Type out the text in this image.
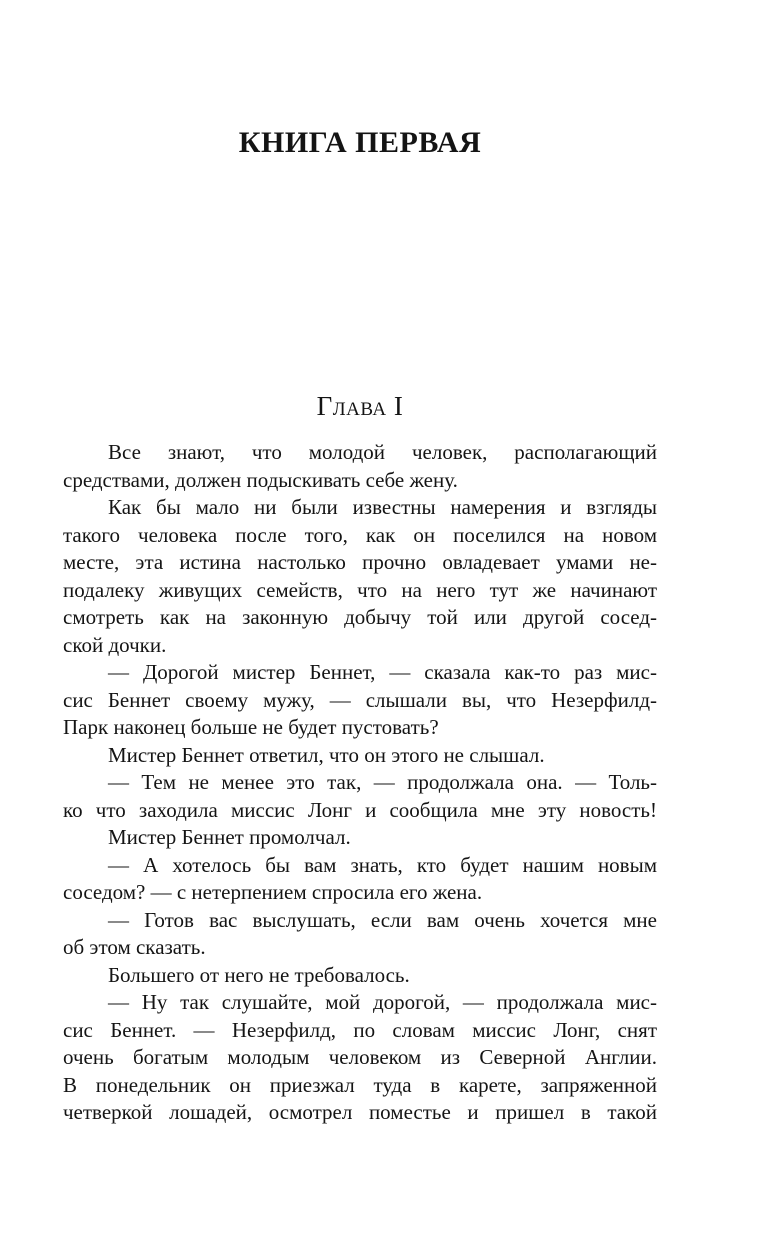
КНИГА ПЕРВАЯ
Глава I

Все знают, что молодой человек, располагающий
средствами, должен подыскивать себе жену.

Как бы мало ни были известны намерения и взгляды
такого человека после того, как он поселился на новом
месте, эта истина настолько прочно овладевает умами не-
подалеку живущих семейств, что на него тут же начинают
смотреть как на законную добычу той или другой сосед-
ской дочки.

— Дорогой мистер Беннет, — сказала как-то раз мис-
сис Беннет своему мужу, — слышали вы, что Незерфилд-
Парк наконец больше не будет пустовать?

Мистер Беннет ответил, что он этого не слышал.

— Тем не менее это так, — продолжала она. — Толь-
ко что заходила миссис Лонг и сообщила мне эту новость!

Мистер Беннет промолчал.

— А хотелось бы вам знать, кто будет нашим новым
соседом? — с нетерпением спросила его жена.

— Готов вас выслушать, если вам очень хочется мне
об этом сказать.

Большего от него не требовалось.

— Ну так слушайте, мой дорогой, — продолжала мис-
сис Беннет. — Незерфилд, по словам миссис Лонг, снят
очень богатым молодым человеком из Северной Англии.
В понедельник он приезжал туда в карете, запряженной
четверкой лошадей, осмотрел поместье и пришел в такой
